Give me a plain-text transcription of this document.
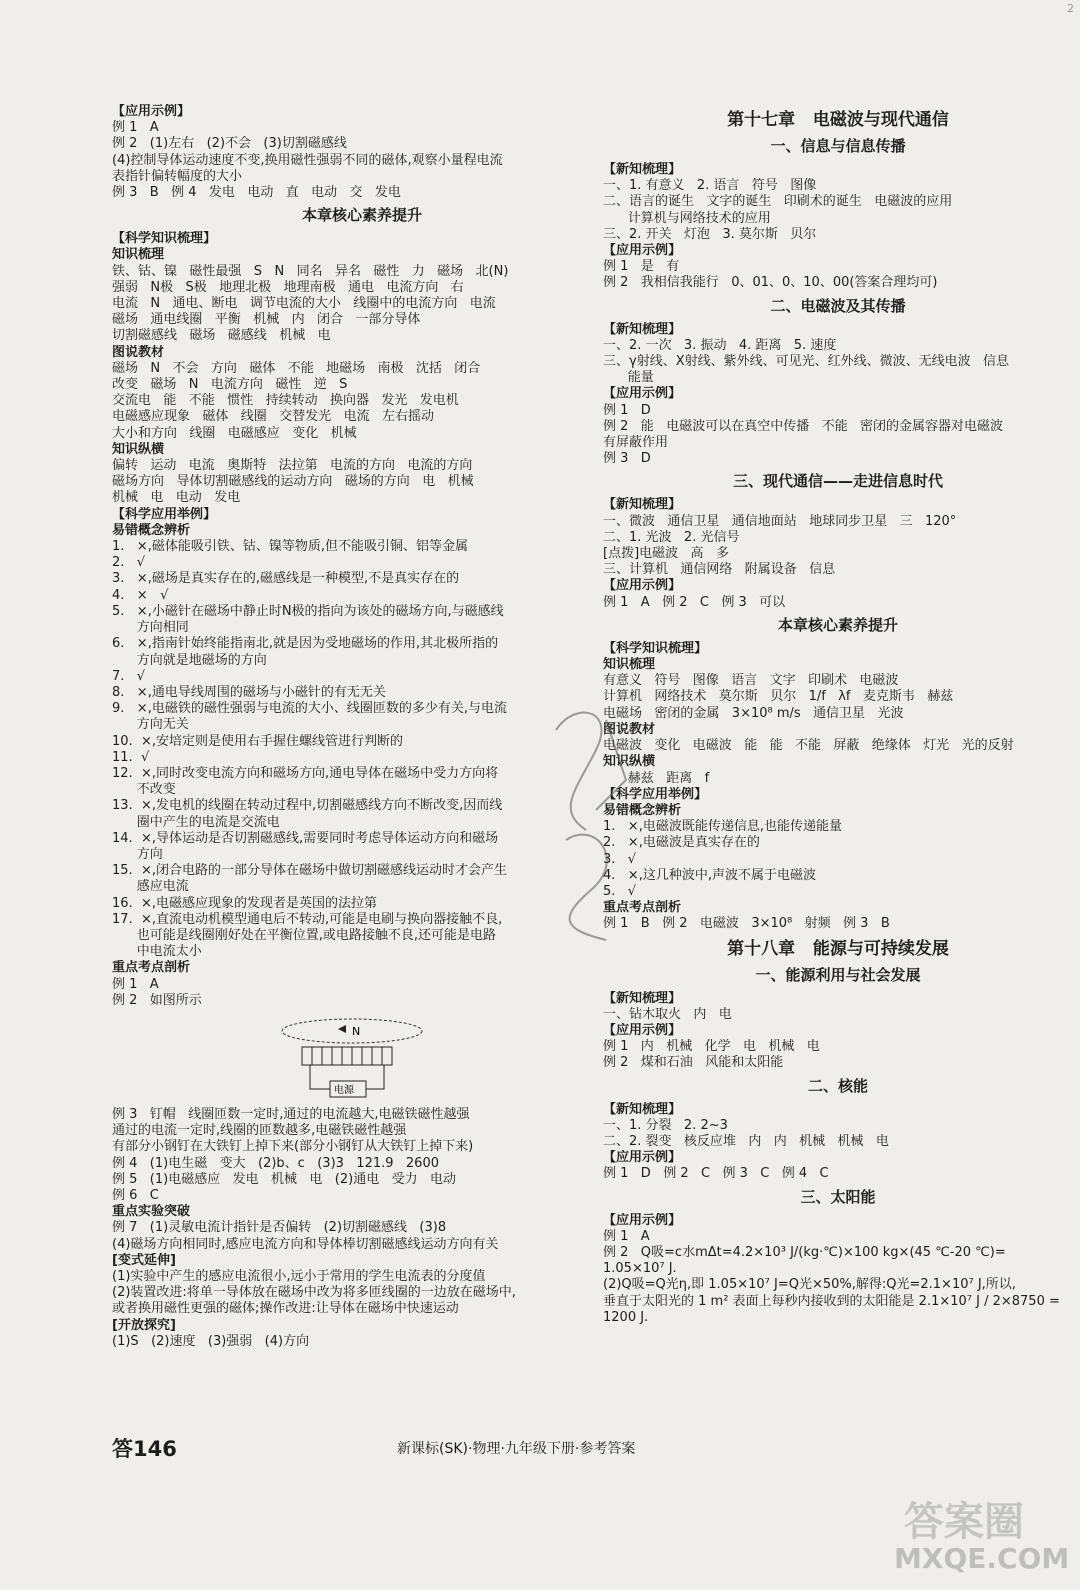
2
【应用示例】
例 1   A
例 2   (1)左右   (2)不会   (3)切割磁感线
(4)控制导体运动速度不变,换用磁性强弱不同的磁体,观察小量程电流
表指针偏转幅度的大小
例 3   B   例 4   发电   电动   直   电动   交   发电
本章核心素养提升
【科学知识梳理】
知识梳理
铁、钴、镍   磁性最强   S   N   同名   异名   磁性   力   磁场   北(N)
强弱   N极   S极   地理北极   地理南极   通电   电流方向   右
电流   N   通电、断电   调节电流的大小   线圈中的电流方向   电流
磁场   通电线圈   平衡   机械   内   闭合   一部分导体
切割磁感线   磁场   磁感线   机械   电
图说教材
磁场   N   不会   方向   磁体   不能   地磁场   南极   沈括   闭合
改变   磁场   N   电流方向   磁性   逆   S
交流电   能   不能   惯性   持续转动   换向器   发光   发电机
电磁感应现象   磁体   线圈   交替发光   电流   左右摇动
大小和方向   线圈   电磁感应   变化   机械
知识纵横
偏转   运动   电流   奥斯特   法拉第   电流的方向   电流的方向
磁场方向   导体切割磁感线的运动方向   磁场的方向   电   机械
机械   电   电动   发电
【科学应用举例】
易错概念辨析
1.   ×,磁体能吸引铁、钴、镍等物质,但不能吸引铜、铝等金属
2.   √
3.   ×,磁场是真实存在的,磁感线是一种模型,不是真实存在的
4.   ×   √
5.   ×,小磁针在磁场中静止时N极的指向为该处的磁场方向,与磁感线
方向相同
6.   ×,指南针始终能指南北,就是因为受地磁场的作用,其北极所指的
方向就是地磁场的方向
7.   √
8.   ×,通电导线周围的磁场与小磁针的有无无关
9.   ×,电磁铁的磁性强弱与电流的大小、线圈匝数的多少有关,与电流
方向无关
10.  ×,安培定则是使用右手握住螺线管进行判断的
11.  √
12.  ×,同时改变电流方向和磁场方向,通电导体在磁场中受力方向将
不改变
13.  ×,发电机的线圈在转动过程中,切割磁感线方向不断改变,因而线
圈中产生的电流是交流电
14.  ×,导体运动是否切割磁感线,需要同时考虑导体运动方向和磁场
方向
15.  ×,闭合电路的一部分导体在磁场中做切割磁感线运动时才会产生
感应电流
16.  ×,电磁感应现象的发现者是英国的法拉第
17.  ×,直流电动机模型通电后不转动,可能是电刷与换向器接触不良,
也可能是线圈刚好处在平衡位置,或电路接触不良,还可能是电路
中电流太小
重点考点剖析
例 1   A
例 2   如图所示
N
电源
例 3   钉帽   线圈匝数一定时,通过的电流越大,电磁铁磁性越强
通过的电流一定时,线圈的匝数越多,电磁铁磁性越强
有部分小钢钉在大铁钉上掉下来(部分小钢钉从大铁钉上掉下来)
例 4   (1)电生磁   变大   (2)b、c   (3)3   121.9   2600
例 5   (1)电磁感应   发电   机械   电   (2)通电   受力   电动
例 6   C
重点实验突破
例 7   (1)灵敏电流计指针是否偏转   (2)切割磁感线   (3)8
(4)磁场方向相同时,感应电流方向和导体棒切割磁感线运动方向有关
[变式延伸]
(1)实验中产生的感应电流很小,远小于常用的学生电流表的分度值
(2)装置改进:将单一导体放在磁场中改为将多匝线圈的一边放在磁场中,
或者换用磁性更强的磁体;操作改进:让导体在磁场中快速运动
[开放探究]
(1)S   (2)速度   (3)强弱   (4)方向
第十七章   电磁波与现代通信
一、信息与信息传播
【新知梳理】
一、1. 有意义   2. 语言   符号   图像
二、语言的诞生   文字的诞生   印刷术的诞生   电磁波的应用
计算机与网络技术的应用
三、2. 开关   灯泡   3. 莫尔斯   贝尔
【应用示例】
例 1   是   有
例 2   我相信我能行   0、01、0、10、00(答案合理均可)
二、电磁波及其传播
【新知梳理】
一、2. 一次   3. 振动   4. 距离   5. 速度
三、γ射线、X射线、紫外线、可见光、红外线、微波、无线电波   信息
能量
【应用示例】
例 1   D
例 2   能   电磁波可以在真空中传播   不能   密闭的金属容器对电磁波
有屏蔽作用
例 3   D
三、现代通信——走进信息时代
【新知梳理】
一、微波   通信卫星   通信地面站   地球同步卫星   三   120°
二、1. 光波   2. 光信号
[点拨]电磁波   高   多
三、计算机   通信网络   附属设备   信息
【应用示例】
例 1   A   例 2   C   例 3   可以
本章核心素养提升
【科学知识梳理】
知识梳理
有意义   符号   图像   语言   文字   印刷术   电磁波
计算机   网络技术   莫尔斯   贝尔   1/f   λf   麦克斯韦   赫兹
电磁场   密闭的金属   3×10⁸ m/s   通信卫星   光波
图说教材
电磁波   变化   电磁波   能   能   不能   屏蔽   绝缘体   灯光   光的反射
知识纵横
赫兹   距离   f
【科学应用举例】
易错概念辨析
1.   ×,电磁波既能传递信息,也能传递能量
2.   ×,电磁波是真实存在的
3.   √
4.   ×,这几种波中,声波不属于电磁波
5.   √
重点考点剖析
例 1   B   例 2   电磁波   3×10⁸   射频   例 3   B
第十八章   能源与可持续发展
一、能源利用与社会发展
【新知梳理】
一、钻木取火   内   电
【应用示例】
例 1   内   机械   化学   电   机械   电
例 2   煤和石油   风能和太阳能
二、核能
【新知梳理】
一、1. 分裂   2. 2~3
二、2. 裂变   核反应堆   内   内   机械   机械   电
【应用示例】
例 1   D   例 2   C   例 3   C   例 4   C
三、太阳能
【应用示例】
例 1   A
例 2   Q吸=c水mΔt=4.2×10³ J/(kg·℃)×100 kg×(45 ℃-20 ℃)=
1.05×10⁷ J.
(2)Q吸=Q光η,即 1.05×10⁷ J=Q光×50%,解得:Q光=2.1×10⁷ J,所以,
垂直于太阳光的 1 m² 表面上每秒内接收到的太阳能是 2.1×10⁷ J / 2×8750 =
1200 J.
答146	新课标(SK)·物理·九年级下册·参考答案
答案圈
MXQE.COM
